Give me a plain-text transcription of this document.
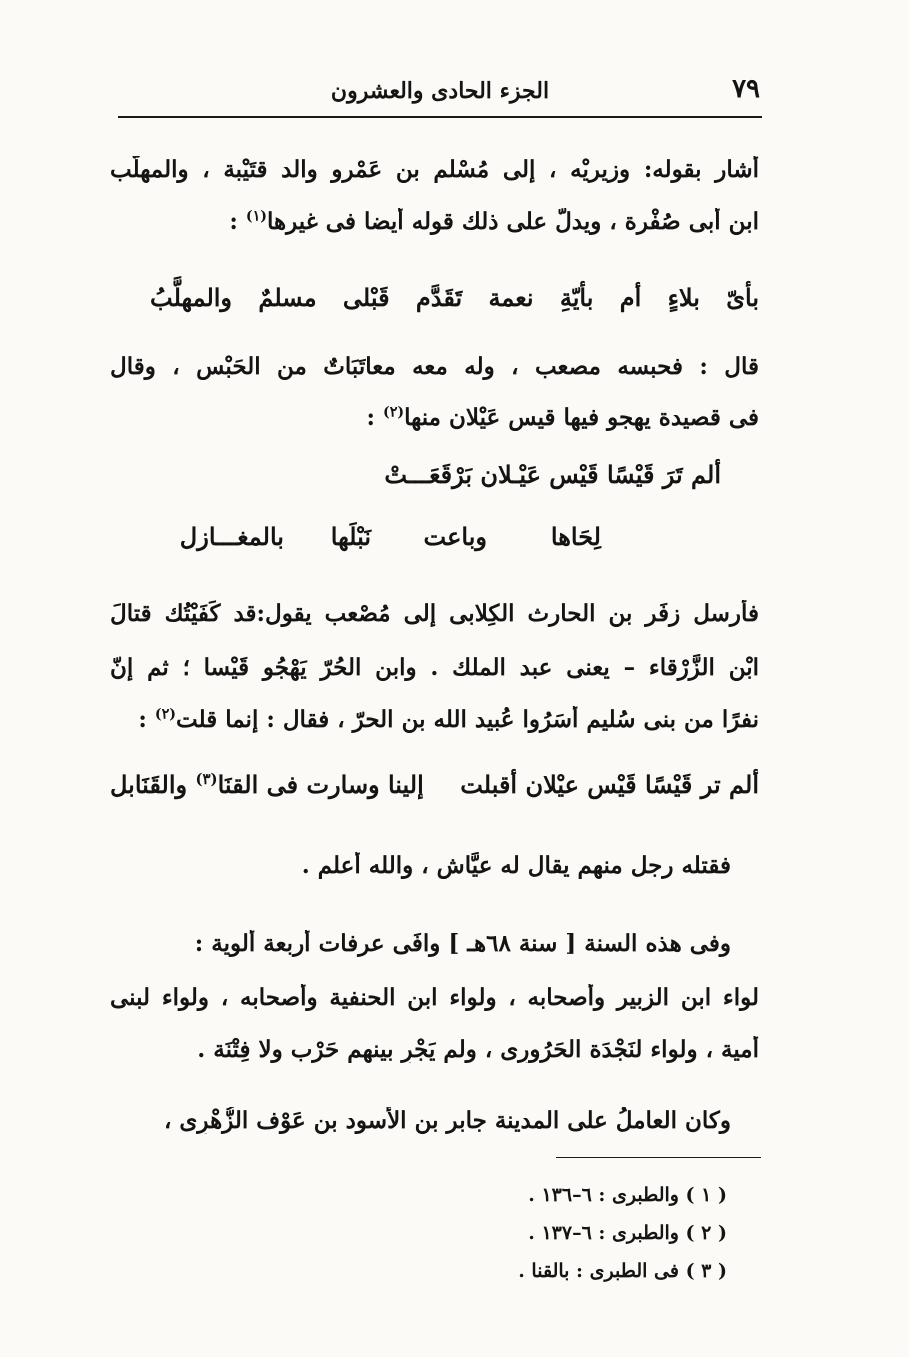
٧٩
الجزء الحادى والعشرون
أشار بقوله: وزيريْه ، إلى مُسْلم بن عَمْرو والد قتَيْبة ، والمهلَّب
ابن أبى صُفْرة ، ويدلّ على ذلك قوله أيضا فى غيرها$^{(١)}$ :
بأىّ بلاءٍ أم بأيّةِ نعمة تَقَدَّم قَبْلى مسلمٌ والمهلَّبُ
قال : فحبسه مصعب ، وله معه معاتَبَاتٌ من الحَبْس ، وقال
فى قصيدة يهجو فيها قيس عَيْلان منها$^{(٢)}$ :
ألم تَرَ قَيْسًا قَيْس عَيْـلان بَرْقَعَـــتْ
لِحَاها
وباعت
نَبْلَها
بالمغـــازل
فأرسل زفَر بن الحارث الكِلابى إلى مُصْعب يقول:قد كَفَيْتُك قتالَ
ابْن الزَّرْقاء – يعنى عبد الملك . وابن الحُرّ يَهْجُو قَيْسا ؛ ثم إنّ
نفرًا من بنى سُليم أسَرُوا عُبيد الله بن الحرّ ، فقال : إنما قلت$^{(٢)}$ :
ألم تر قَيْسًا قَيْس عيْلان أقبلت
إلينا وسارت فى القنَا$^{(٣)}$ والقَنَابل
فقتله رجل منهم يقال له عيَّاش ، والله أعلم .
وفى هذه السنة [ سنة ٦٨هـ ] وافَى عرفات أربعة ألوية :
لواء ابن الزبير وأصحابه ، ولواء ابن الحنفية وأصحابه ، ولواء لبنى
أمية ، ولواء لنَجْدَة الحَرُورِى ، ولم يَجْرِ بينهم حَرْب ولا فِتْنَة .
وكان العاملُ على المدينة جابر بن الأسود بن عَوْف الزُّهْرِى ،
( ١ ) والطبرى : ٦–١٣٦ .
( ٢ ) والطبرى : ٦–١٣٧ .
( ٣ ) فى الطبرى : بالقنا .
